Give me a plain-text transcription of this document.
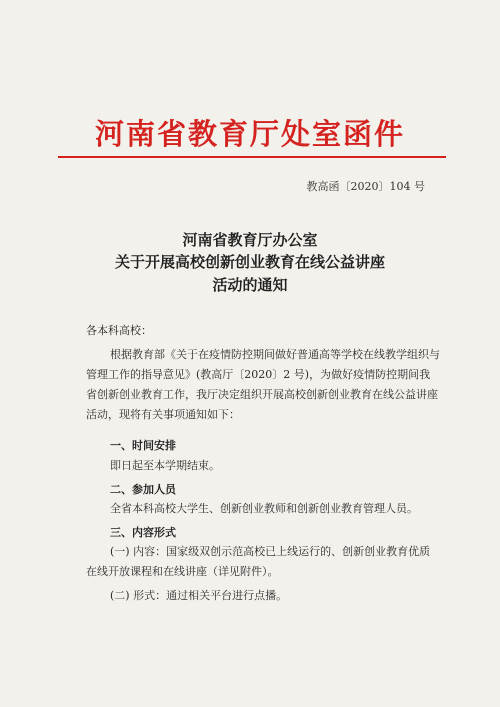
河南省教育厅处室函件
教高函〔2020〕104 号
河南省教育厅办公室
关于开展高校创新创业教育在线公益讲座
活动的通知
各本科高校：
根据教育部《关于在疫情防控期间做好普通高等学校在线教学组织与管理工作的指导意见》(教高厅〔2020〕2 号)，为做好疫情防控期间我省创新创业教育工作，我厅决定组织开展高校创新创业教育在线公益讲座活动，现将有关事项通知如下：
一、时间安排
即日起至本学期结束。
二、参加人员
全省本科高校大学生、创新创业教师和创新创业教育管理人员。
三、内容形式
(一) 内容：国家级双创示范高校已上线运行的、创新创业教育优质在线开放课程和在线讲座（详见附件）。
(二) 形式：通过相关平台进行点播。
